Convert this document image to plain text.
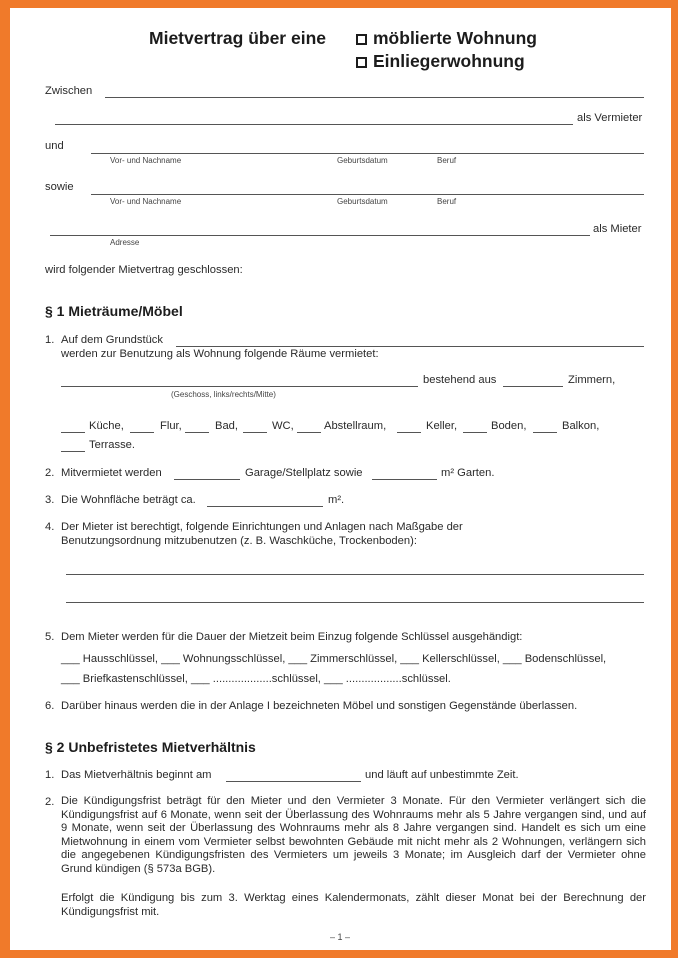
Mietvertrag über eine	möblierte Wohnung
Einliegerwohnung
Zwischen
als Vermieter
und
Vor- und Nachname	Geburtsdatum	Beruf
sowie
Vor- und Nachname	Geburtsdatum	Beruf
als Mieter
Adresse
wird folgender Mietvertrag geschlossen:
§ 1 Mieträume/Möbel
1. Auf dem Grundstück
werden zur Benutzung als Wohnung folgende Räume vermietet:
bestehend aus	Zimmern,
(Geschoss, links/rechts/Mitte)
Küche,	Flur,	Bad,	WC,	Abstellraum,	Keller,	Boden,	Balkon,
Terrasse.
2. Mitvermietet werden	Garage/Stellplatz sowie	m² Garten.
3. Die Wohnfläche beträgt ca.	m².
4. Der Mieter ist berechtigt, folgende Einrichtungen und Anlagen nach Maßgabe der
Benutzungsordnung mitzubenutzen (z. B. Waschküche, Trockenboden):
5. Dem Mieter werden für die Dauer der Mietzeit beim Einzug folgende Schlüssel ausgehändigt:
___ Hausschlüssel, ___ Wohnungsschlüssel, ___ Zimmerschlüssel, ___ Kellerschlüssel, ___ Bodenschlüssel,
___ Briefkastenschlüssel, ___ ...................schlüssel, ___ ..................schlüssel.
6. Darüber hinaus werden die in der Anlage I bezeichneten Möbel und sonstigen Gegenstände überlassen.
§ 2 Unbefristetes Mietverhältnis
1. Das Mietverhältnis beginnt am	und läuft auf unbestimmte Zeit.
2. Die Kündigungsfrist beträgt für den Mieter und den Vermieter 3 Monate. Für den Vermieter verlängert sich die Kündigungsfrist auf 6 Monate, wenn seit der Überlassung des Wohnraums mehr als 5 Jahre vergangen sind, und auf 9 Monate, wenn seit der Überlassung des Wohnraums mehr als 8 Jahre vergangen sind. Handelt es sich um eine Mietwohnung in einem vom Vermieter selbst bewohnten Gebäude mit nicht mehr als 2 Wohnungen, verlängern sich die angegebenen Kündigungsfristen des Vermieters um jeweils 3 Monate; im Ausgleich darf der Vermieter ohne Grund kündigen (§ 573a BGB).
Erfolgt die Kündigung bis zum 3. Werktag eines Kalendermonats, zählt dieser Monat bei der Berechnung der Kündigungsfrist mit.
– 1 –
